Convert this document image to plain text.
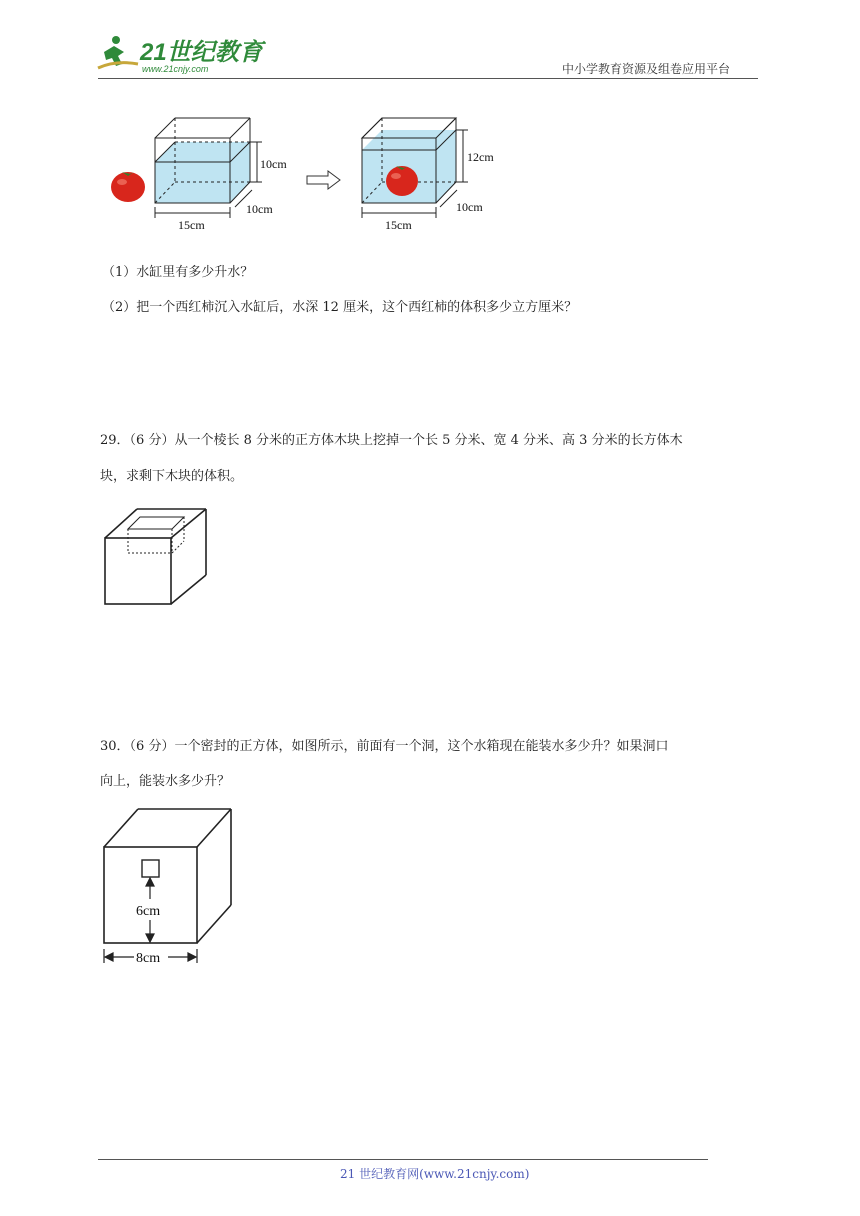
21世纪教育
www.21cnjy.com	中小学教育资源及组卷应用平台
10cm
10cm
15cm
12cm
10cm
15cm
（1）水缸里有多少升水？
（2）把一个西红柿沉入水缸后，水深 12 厘米，这个西红柿的体积多少立方厘米？
29．（6 分）从一个棱长 8 分米的正方体木块上挖掉一个长 5 分米、宽 4 分米、高 3 分米的长方体木
块，求剩下木块的体积。
30．（6 分）一个密封的正方体，如图所示，前面有一个洞，这个水箱现在能装水多少升？如果洞口
向上，能装水多少升？
6cm
8cm
21 世纪教育网(www.21cnjy.com)
